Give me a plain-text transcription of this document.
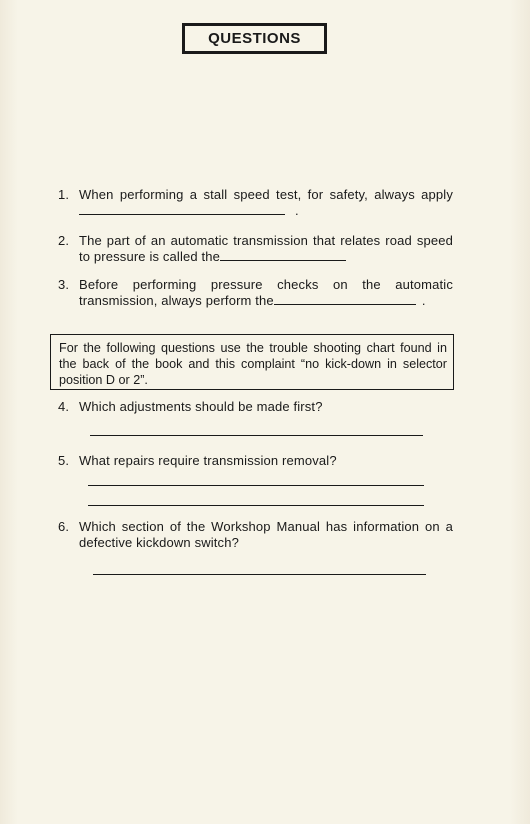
QUESTIONS
1. When performing a stall speed test, for safety, always apply.
2. The part of an automatic transmission that relates road speed to pressure is called the
3. Before performing pressure checks on the automatic transmission, always perform the	.
For the following questions use the trouble shooting chart found in the back of the book and this complaint “no kick-down in selector position D or 2”.
4. Which adjustments should be made first?
5. What repairs require transmission removal?
6. Which section of the Workshop Manual has information on a defective kickdown switch?
